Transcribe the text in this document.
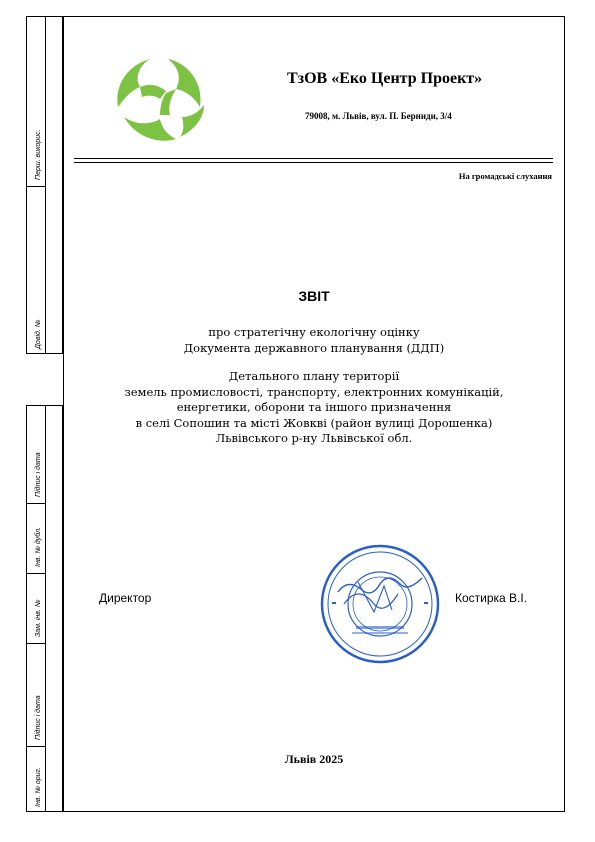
Перш. викорис.
Довід. №
Підпис і дата
Інв. № дубл.
Зам. інв. №
Підпис і дата
Інв. № ориг.
ТзОВ «Еко Центр Проект»
79008, м. Львів, вул. П. Берниди, 3/4
На громадські слухання
ЗВІТ
про стратегічну екологічну оцінку
Документа державного планування (ДДП)
Детального плану території
земель промисловості, транспорту, електронних комунікацій,
енергетики, оборони та іншого призначення
в селі Сопошин та місті Жовкві (район вулиці Дорошенка)
Львівського р-ну Львівської обл.
Директор	Костирка В.І.
Львів 2025
